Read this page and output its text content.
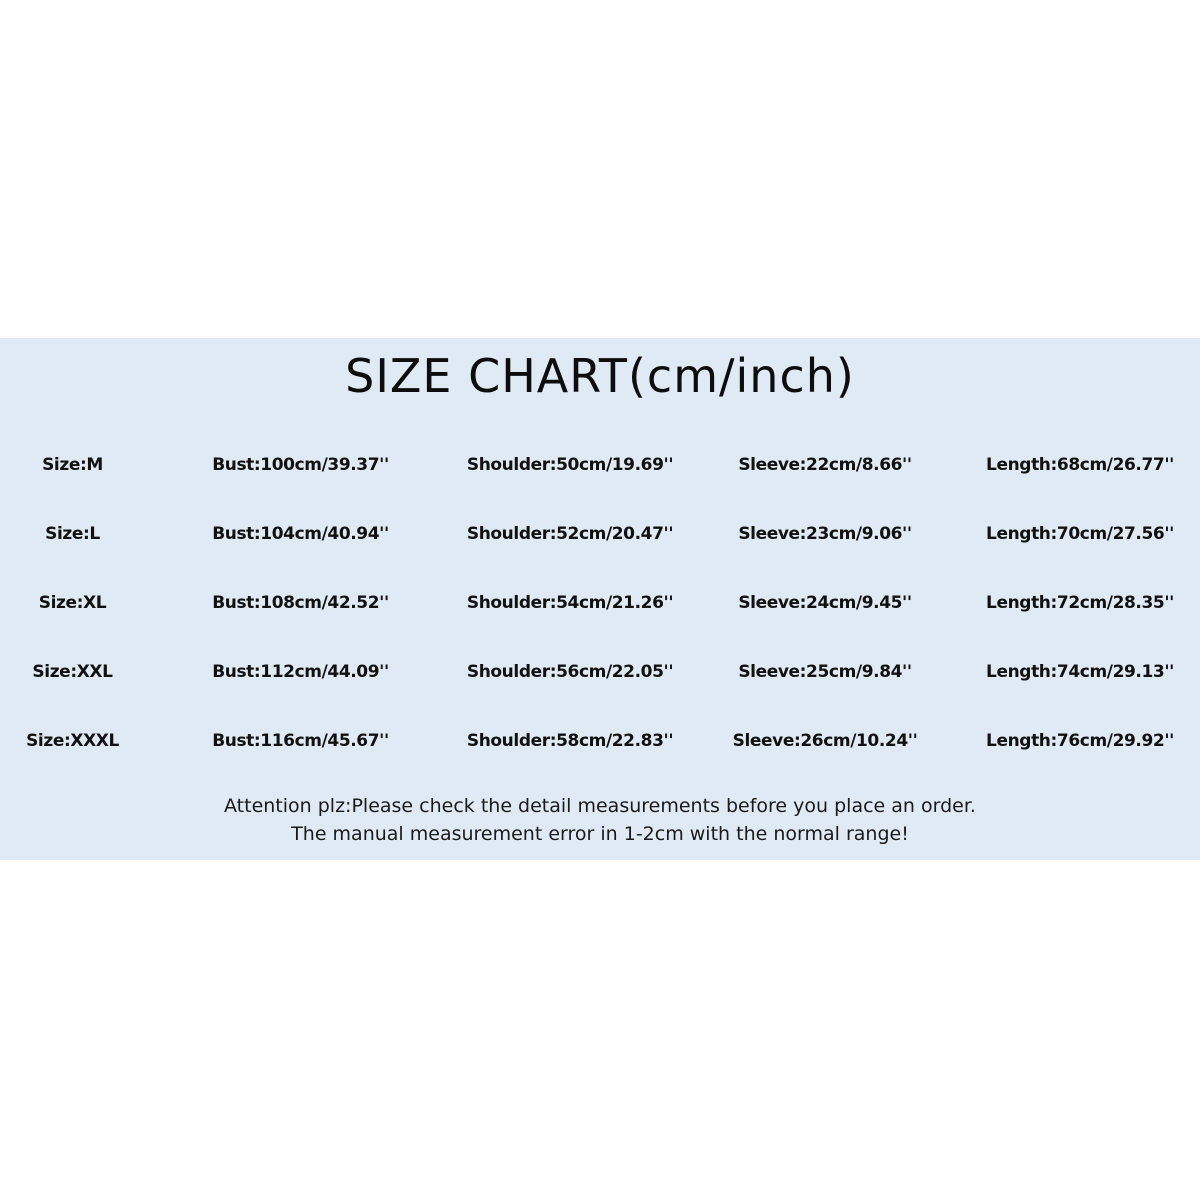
SIZE CHART(cm/inch)
Size:M	Bust:100cm/39.37''	Shoulder:50cm/19.69''	Sleeve:22cm/8.66''	Length:68cm/26.77''
Size:L	Bust:104cm/40.94''	Shoulder:52cm/20.47''	Sleeve:23cm/9.06''	Length:70cm/27.56''
Size:XL	Bust:108cm/42.52''	Shoulder:54cm/21.26''	Sleeve:24cm/9.45''	Length:72cm/28.35''
Size:XXL	Bust:112cm/44.09''	Shoulder:56cm/22.05''	Sleeve:25cm/9.84''	Length:74cm/29.13''
Size:XXXL	Bust:116cm/45.67''	Shoulder:58cm/22.83''	Sleeve:26cm/10.24''	Length:76cm/29.92''
Attention plz:Please check the detail measurements before you place an order.
The manual measurement error in 1-2cm with the normal range!
